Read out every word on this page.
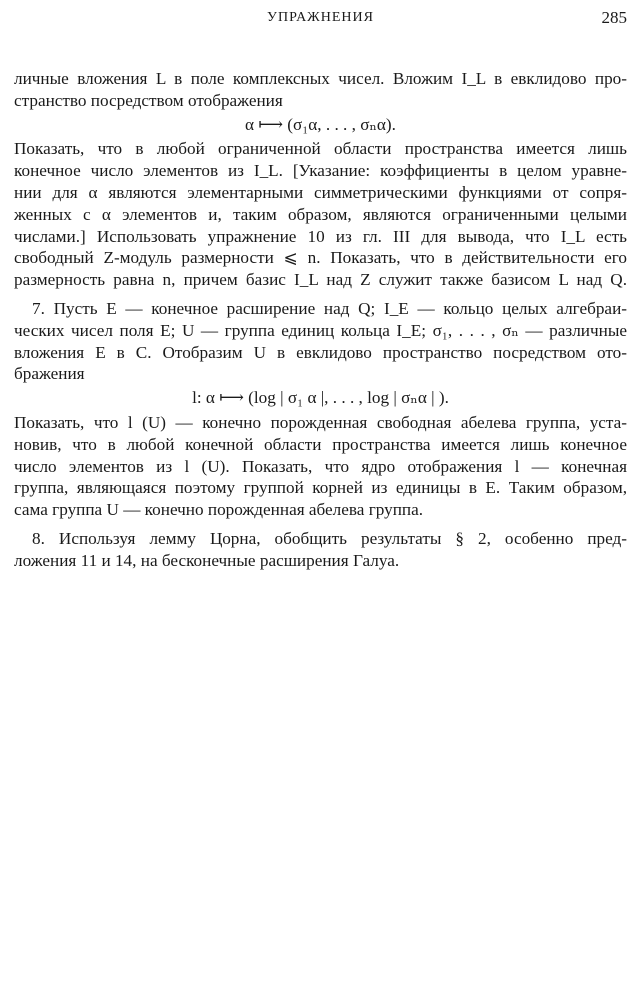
УПРАЖНЕНИЯ	285
личные вложения L в поле комплексных чисел. Вложим I_L в евклидово про-
странство посредством отображения
α ⟼ (σ₁α, . . . , σₙα).
Показать, что в любой ограниченной области пространства имеется лишь
конечное число элементов из I_L. [Указание: коэффициенты в целом уравне-
нии для α являются элементарными симметрическими функциями от сопря-
женных с α элементов и, таким образом, являются ограниченными целыми
числами.] Использовать упражнение 10 из гл. III для вывода, что I_L есть
свободный Z-модуль размерности ⩽ n. Показать, что в действительности его
размерность равна n, причем базис I_L над Z служит также базисом L над Q.
7. Пусть E — конечное расширение над Q; I_E — кольцо целых алгебраи-
ческих чисел поля E; U — группа единиц кольца I_E; σ₁, . . . , σₙ — различные
вложения E в C. Отобразим U в евклидово пространство посредством ото-
бражения
l: α ⟼ (log | σ₁ α |, . . . , log | σₙα | ).
Показать, что l (U) — конечно порожденная свободная абелева группа, уста-
новив, что в любой конечной области пространства имеется лишь конечное
число элементов из l (U). Показать, что ядро отображения l — конечная
группа, являющаяся поэтому группой корней из единицы в E. Таким образом,
сама группа U — конечно порожденная абелева группа.
8. Используя лемму Цорна, обобщить результаты § 2, особенно пред-
ложения 11 и 14, на бесконечные расширения Галуа.
